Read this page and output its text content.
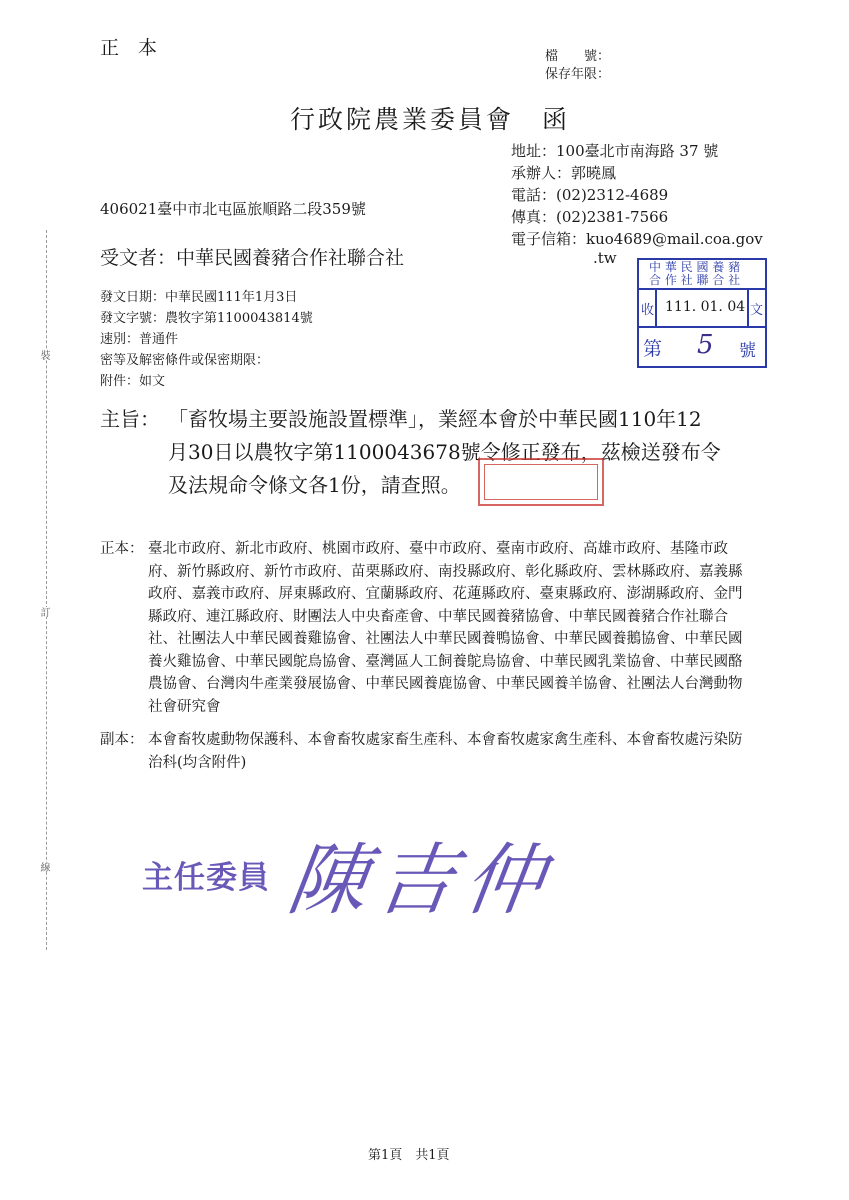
裝
訂
線
正　本	檔　　號：
保存年限：
行政院農業委員會　函
地址：100臺北市南海路 37 號
承辦人：郭曉鳳
電話：(02)2312-4689
傳真：(02)2381-7566
電子信箱：kuo4689@mail.coa.gov
.tw
406021臺中市北屯區旅順路二段359號
受文者：中華民國養豬合作社聯合社
發文日期：中華民國111年1月3日
發文字號：農牧字第1100043814號
速別：普通件
密等及解密條件或保密期限：
附件：如文
中 華 民 國 養 豬
合 作 社 聯 合 社
收 111. 01. 04 文
第 5 號
主旨： 「畜牧場主要設施設置標準」，業經本會於中華民國110年12
月30日以農牧字第1100043678號令修正發布，茲檢送發布令
及法規命令條文各1份，請查照。
正本： 臺北市政府、新北市政府、桃園市政府、臺中市政府、臺南市政府、高雄市政府、基隆市政府、新竹縣政府、新竹市政府、苗栗縣政府、南投縣政府、彰化縣政府、雲林縣政府、嘉義縣政府、嘉義市政府、屏東縣政府、宜蘭縣政府、花蓮縣政府、臺東縣政府、澎湖縣政府、金門縣政府、連江縣政府、財團法人中央畜產會、中華民國養豬協會、中華民國養豬合作社聯合社、社團法人中華民國養雞協會、社團法人中華民國養鴨協會、中華民國養鵝協會、中華民國養火雞協會、中華民國鴕鳥協會、臺灣區人工飼養鴕鳥協會、中華民國乳業協會、中華民國酪農協會、台灣肉牛產業發展協會、中華民國養鹿協會、中華民國養羊協會、社團法人台灣動物社會研究會
副本： 本會畜牧處動物保護科、本會畜牧處家畜生產科、本會畜牧處家禽生產科、本會畜牧處污染防治科(均含附件)
主任委員 陳吉仲
第1頁　共1頁
